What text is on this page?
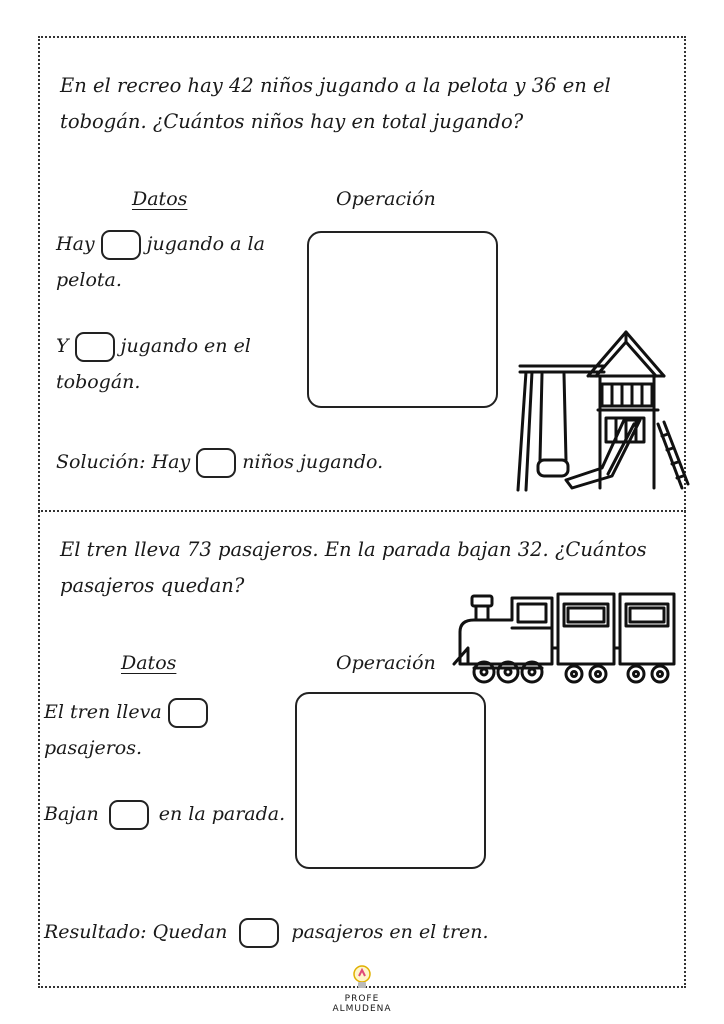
En el recreo hay 42 niños jugando a la pelota y 36 en el
tobogán. ¿Cuántos niños hay en total jugando?
Datos	Operación
Hay	jugando a la
pelota.
Y	jugando en el
tobogán.
Solución: Hay	niños jugando.
El tren lleva 73 pasajeros. En la parada bajan 32. ¿Cuántos
pasajeros quedan?
Datos	Operación
El tren lleva
pasajeros.
Bajan	en la parada.
Resultado: Quedan	pasajeros en el tren.
PROFE ALMUDENA
